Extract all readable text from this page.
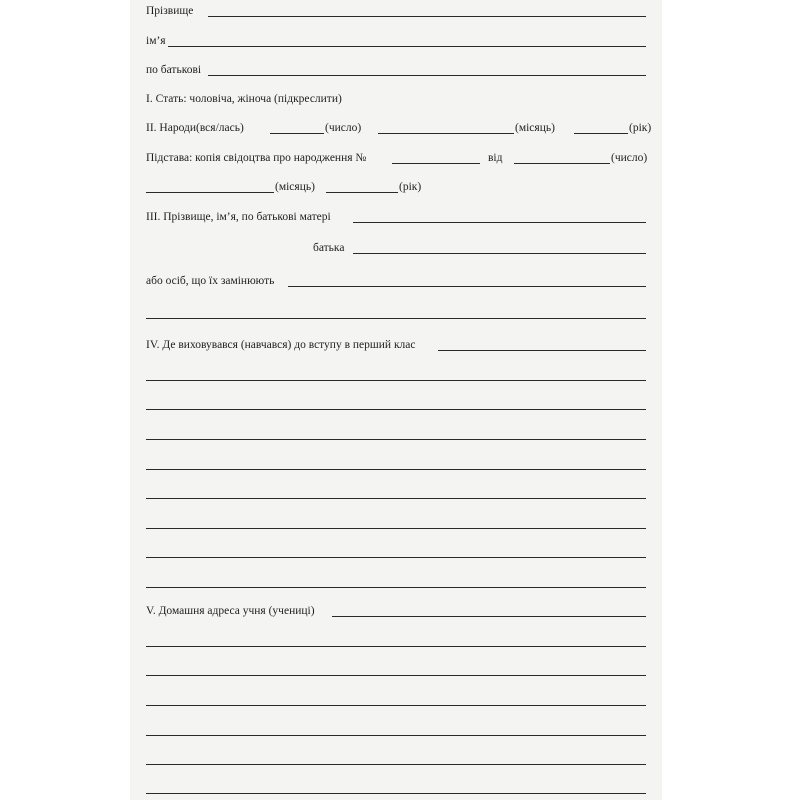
Прізвище
ім’я
по батькові
I. Стать: чоловіча, жіноча (підкреслити)
II. Народи(вся/лась)	(число)	(місяць)	(рік)
Підстава: копія свідоцтва про народження №	від	(число)
(місяць)	(рік)
III. Прізвище, ім’я, по батькові матері
батька
або осіб, що їх замінюють
IV. Де виховувався (навчався) до вступу в перший клас
V. Домашня адреса учня (учениці)
